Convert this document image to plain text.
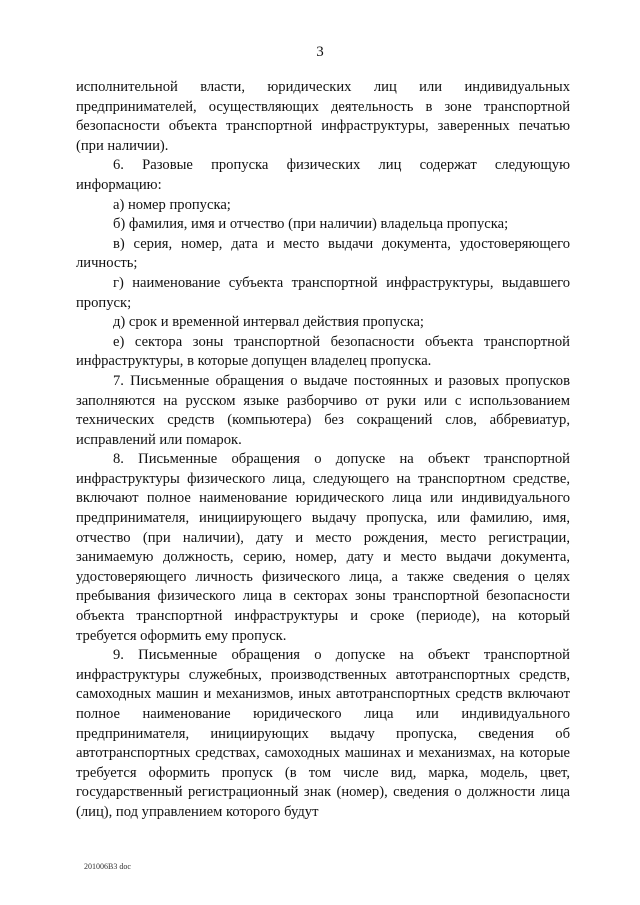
3

исполнительной власти, юридических лиц или индивидуальных предпринимателей, осуществляющих деятельность в зоне транспортной безопасности объекта транспортной инфраструктуры, заверенных печатью (при наличии).

6. Разовые пропуска физических лиц содержат следующую информацию:

а) номер пропуска;

б) фамилия, имя и отчество (при наличии) владельца пропуска;

в) серия, номер, дата и место выдачи документа, удостоверяющего личность;

г) наименование субъекта транспортной инфраструктуры, выдавшего пропуск;

д) срок и временной интервал действия пропуска;

е) сектора зоны транспортной безопасности объекта транспортной инфраструктуры, в которые допущен владелец пропуска.

7. Письменные обращения о выдаче постоянных и разовых пропусков заполняются на русском языке разборчиво от руки или с использованием технических средств (компьютера) без сокращений слов, аббревиатур, исправлений или помарок.

8. Письменные обращения о допуске на объект транспортной инфраструктуры физического лица, следующего на транспортном средстве, включают полное наименование юридического лица или индивидуального предпринимателя, инициирующего выдачу пропуска, или фамилию, имя, отчество (при наличии), дату и место рождения, место регистрации, занимаемую должность, серию, номер, дату и место выдачи документа, удостоверяющего личность физического лица, а также сведения о целях пребывания физического лица в секторах зоны транспортной безопасности объекта транспортной инфраструктуры и сроке (периоде), на который требуется оформить ему пропуск.

9. Письменные обращения о допуске на объект транспортной инфраструктуры служебных, производственных автотранспортных средств, самоходных машин и механизмов, иных автотранспортных средств включают полное наименование юридического лица или индивидуального предпринимателя, инициирующих выдачу пропуска, сведения об автотранспортных средствах, самоходных машинах и механизмах, на которые требуется оформить пропуск (в том числе вид, марка, модель, цвет, государственный регистрационный знак (номер), сведения о должности лица (лиц), под управлением которого будут

201006B3 doc
